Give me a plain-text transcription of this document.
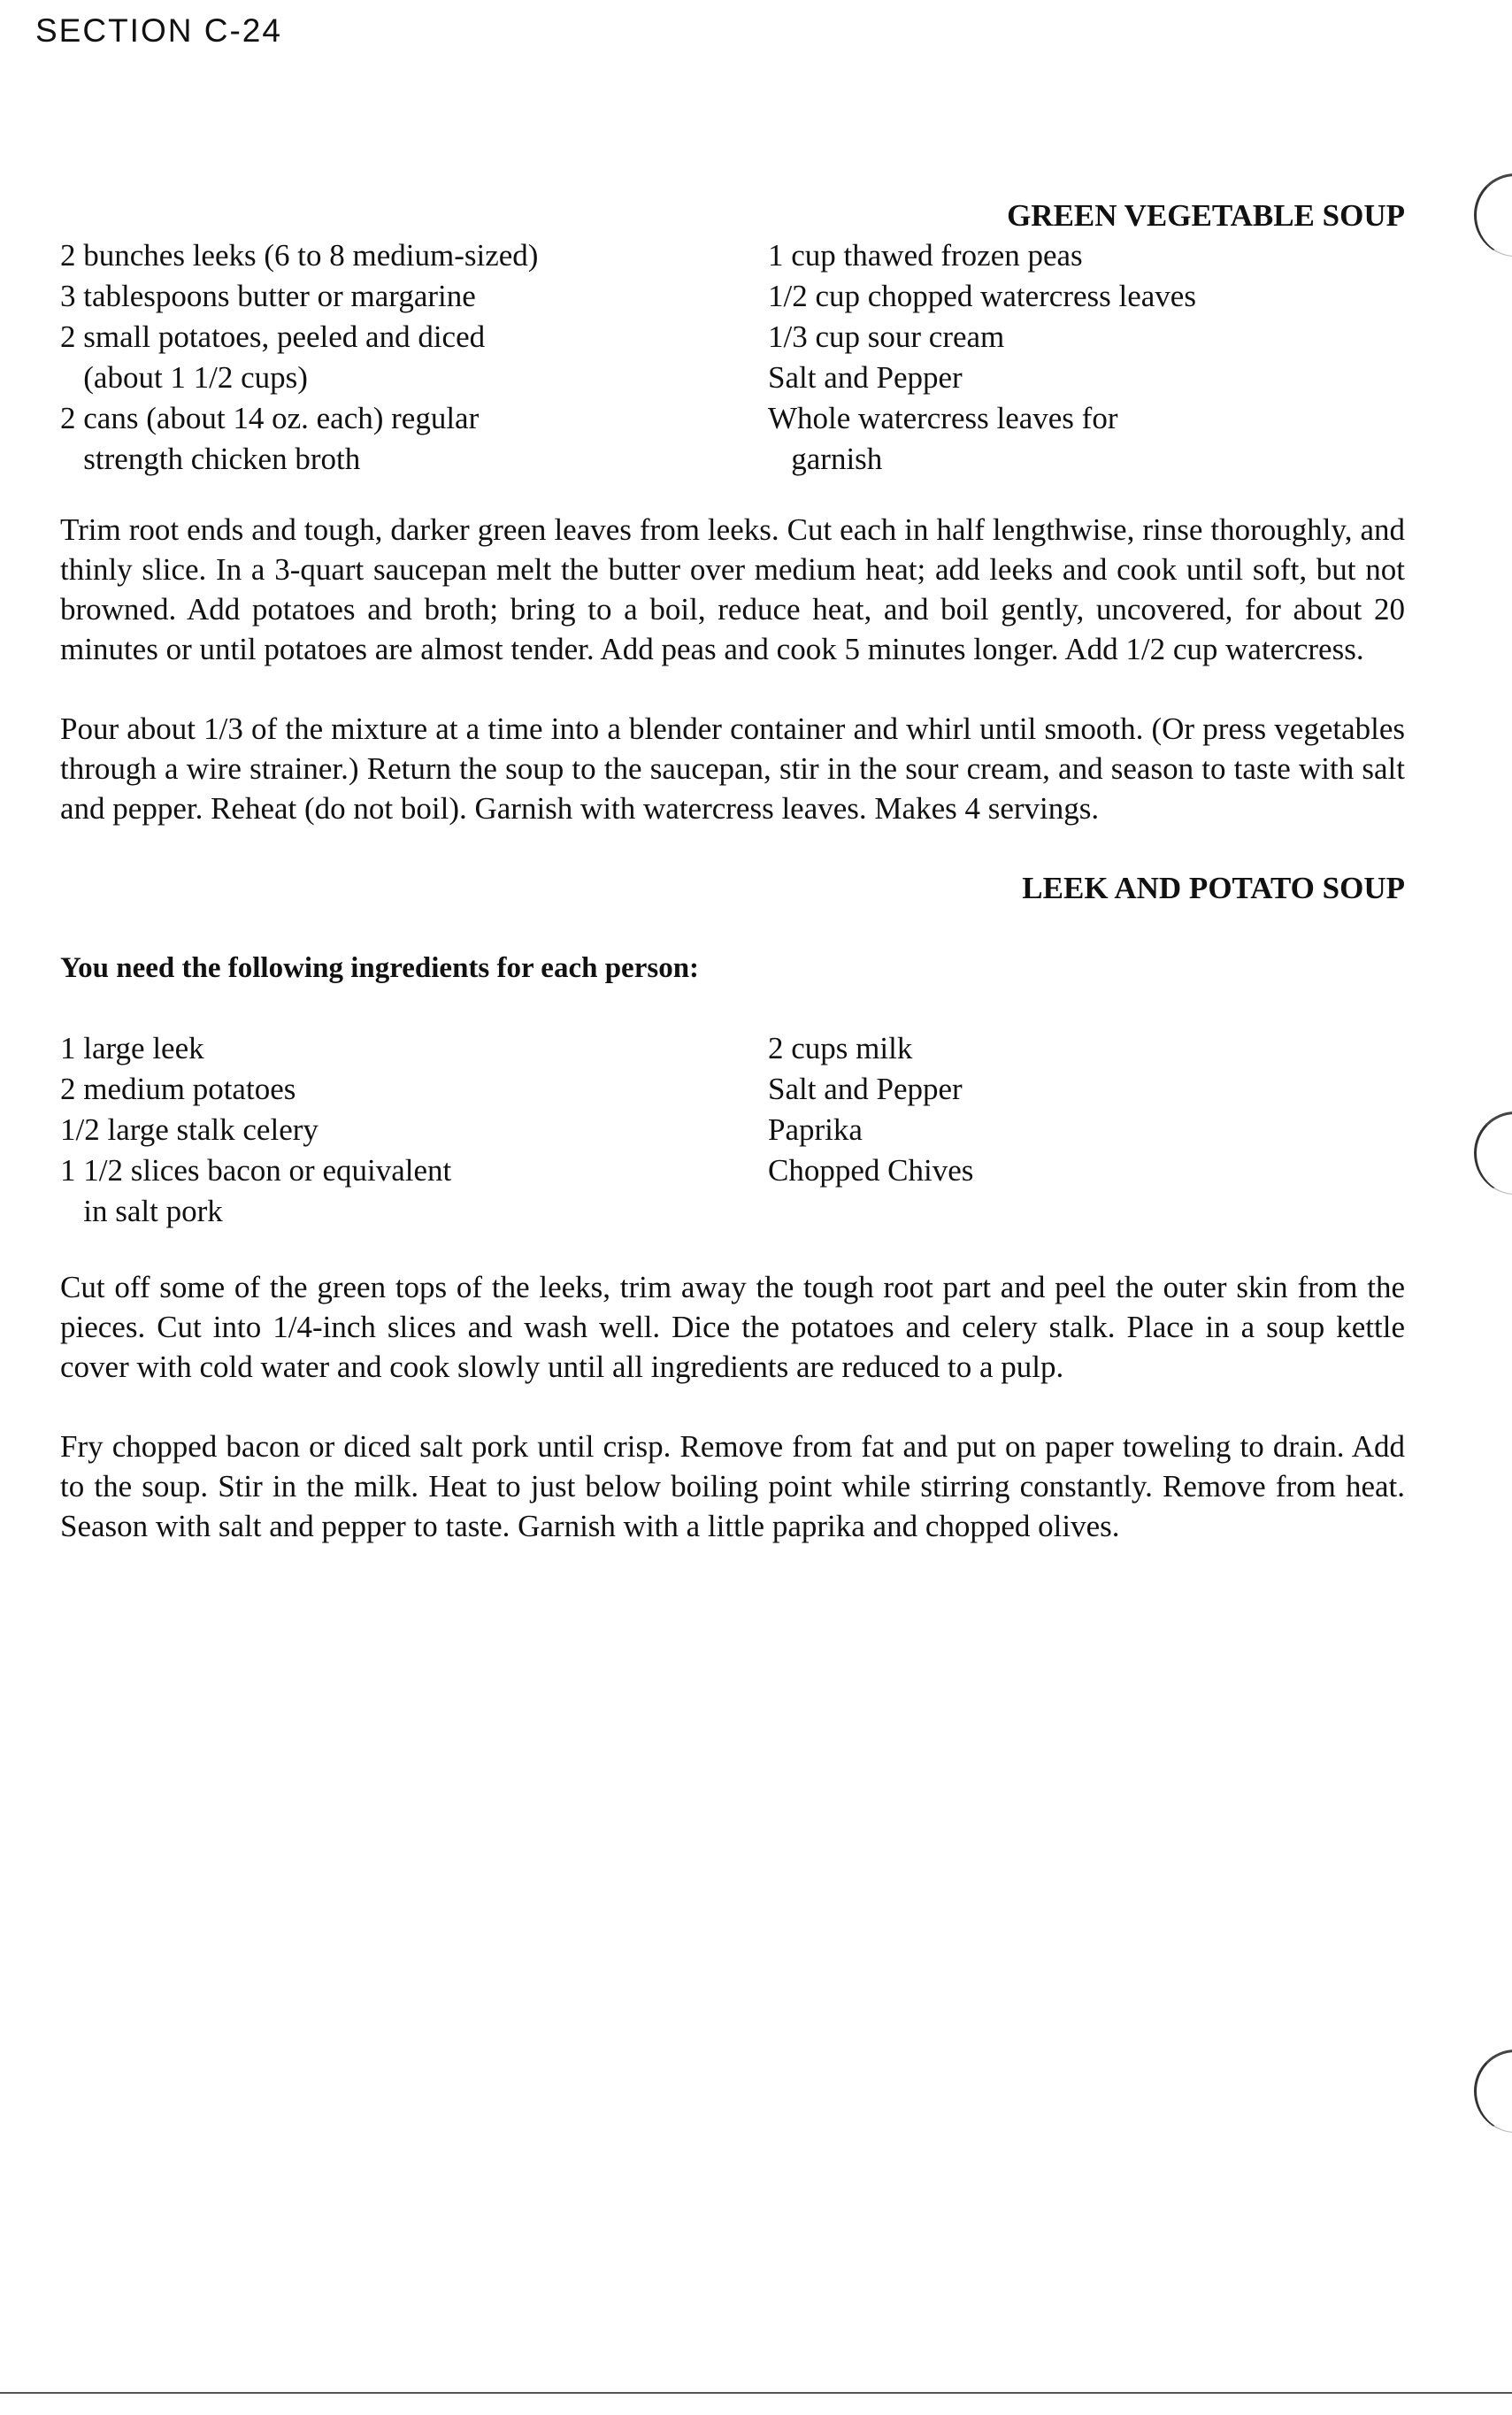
SECTION C-24
GREEN VEGETABLE SOUP
2 bunches leeks (6 to 8 medium-sized)
3 tablespoons butter or margarine
2 small potatoes, peeled and diced
(about 1 1/2 cups)
2 cans (about 14 oz. each) regular
strength chicken broth
1 cup thawed frozen peas
1/2 cup chopped watercress leaves
1/3 cup sour cream
Salt and Pepper
Whole watercress leaves for
garnish

Trim root ends and tough, darker green leaves from leeks. Cut each in half lengthwise, rinse thoroughly, and thinly slice. In a 3-quart saucepan melt the butter over medium heat; add leeks and cook until soft, but not browned. Add potatoes and broth; bring to a boil, reduce heat, and boil gently, uncovered, for about 20 minutes or until potatoes are almost tender. Add peas and cook 5 minutes longer. Add 1/2 cup watercress.

Pour about 1/3 of the mixture at a time into a blender container and whirl until smooth. (Or press vegetables through a wire strainer.) Return the soup to the saucepan, stir in the sour cream, and season to taste with salt and pepper. Reheat (do not boil). Garnish with watercress leaves. Makes 4 servings.

LEEK AND POTATO SOUP

You need the following ingredients for each person:

1 large leek
2 medium potatoes
1/2 large stalk celery
1 1/2 slices bacon or equivalent
in salt pork
2 cups milk
Salt and Pepper
Paprika
Chopped Chives

Cut off some of the green tops of the leeks, trim away the tough root part and peel the outer skin from the pieces. Cut into 1/4-inch slices and wash well. Dice the potatoes and celery stalk. Place in a soup kettle cover with cold water and cook slowly until all ingredients are reduced to a pulp.

Fry chopped bacon or diced salt pork until crisp. Remove from fat and put on paper toweling to drain. Add to the soup. Stir in the milk. Heat to just below boiling point while stirring constantly. Remove from heat. Season with salt and pepper to taste. Garnish with a little paprika and chopped olives.
